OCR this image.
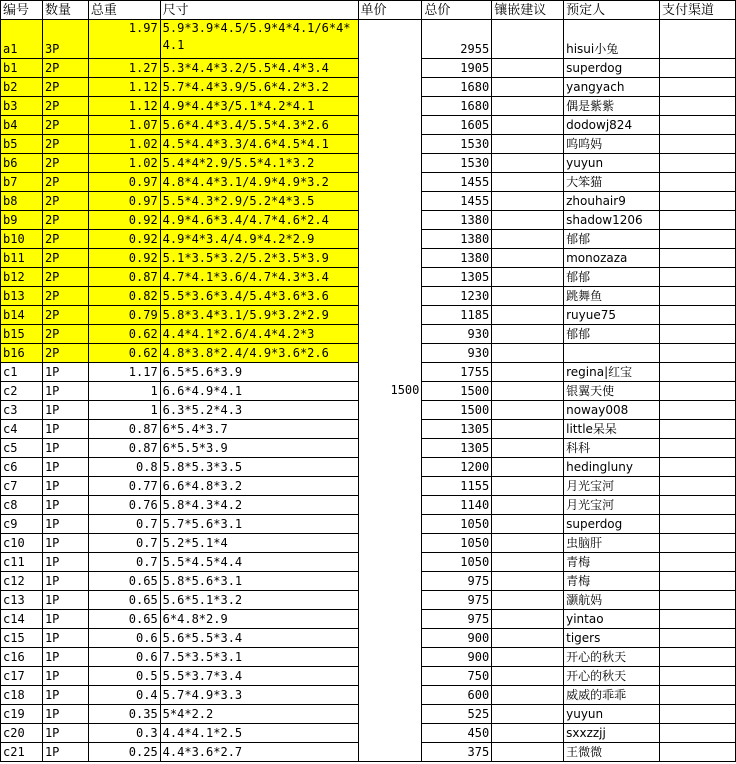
编号	数量	总重	尺寸	单价	总价	镶嵌建议	预定人	支付渠道
a1	3P	1.97	5.9*3.9*4.5/5.9*4*4.1/6*4*4.1	1500	2955		hisui小兔	
b1	2P	1.27	5.3*4.4*3.2/5.5*4.4*3.4		1905		superdog	
b2	2P	1.12	5.7*4.4*3.9/5.6*4.2*3.2		1680		yangyach	
b3	2P	1.12	4.9*4.4*3/5.1*4.2*4.1		1680		偶是紫紫	
b4	2P	1.07	5.6*4.4*3.4/5.5*4.3*2.6		1605		dodowj824	
b5	2P	1.02	4.5*4.4*3.3/4.6*4.5*4.1		1530		呜呜妈	
b6	2P	1.02	5.4*4*2.9/5.5*4.1*3.2		1530		yuyun	
b7	2P	0.97	4.8*4.4*3.1/4.9*4.9*3.2		1455		大笨猫	
b8	2P	0.97	5.5*4.3*2.9/5.2*4*3.5		1455		zhouhair9	
b9	2P	0.92	4.9*4.6*3.4/4.7*4.6*2.4		1380		shadow1206	
b10	2P	0.92	4.9*4*3.4/4.9*4.2*2.9		1380		郁郁	
b11	2P	0.92	5.1*3.5*3.2/5.2*3.5*3.9		1380		monozaza	
b12	2P	0.87	4.7*4.1*3.6/4.7*4.3*3.4		1305		郁郁	
b13	2P	0.82	5.5*3.6*3.4/5.4*3.6*3.6		1230		跳舞鱼	
b14	2P	0.79	5.8*3.4*3.1/5.9*3.2*2.9		1185		ruyue75	
b15	2P	0.62	4.4*4.1*2.6/4.4*4.2*3		930		郁郁	
b16	2P	0.62	4.8*3.8*2.4/4.9*3.6*2.6		930			
c1	1P	1.17	6.5*5.6*3.9		1755		regina|红宝	
c2	1P	1	6.6*4.9*4.1		1500		银翼天使	
c3	1P	1	6.3*5.2*4.3		1500		noway008	
c4	1P	0.87	6*5.4*3.7		1305		little呆呆	
c5	1P	0.87	6*5.5*3.9		1305		科科	
c6	1P	0.8	5.8*5.3*3.5		1200		hedingluny	
c7	1P	0.77	6.6*4.8*3.2		1155		月光宝河	
c8	1P	0.76	5.8*4.3*4.2		1140		月光宝河	
c9	1P	0.7	5.7*5.6*3.1		1050		superdog	
c10	1P	0.7	5.2*5.1*4		1050		虫脑肝	
c11	1P	0.7	5.5*4.5*4.4		1050		青梅	
c12	1P	0.65	5.8*5.6*3.1		975		青梅	
c13	1P	0.65	5.6*5.1*3.2		975		灏航妈	
c14	1P	0.65	6*4.8*2.9		975		yintao	
c15	1P	0.6	5.6*5.5*3.4		900		tigers	
c16	1P	0.6	7.5*3.5*3.1		900		开心的秋天	
c17	1P	0.5	5.5*3.7*3.4		750		开心的秋天	
c18	1P	0.4	5.7*4.9*3.3		600		威威的乖乖	
c19	1P	0.35	5*4*2.2		525		yuyun	
c20	1P	0.3	4.4*4.1*2.5		450		sxxzzjj	
c21	1P	0.25	4.4*3.6*2.7		375		王微微	
